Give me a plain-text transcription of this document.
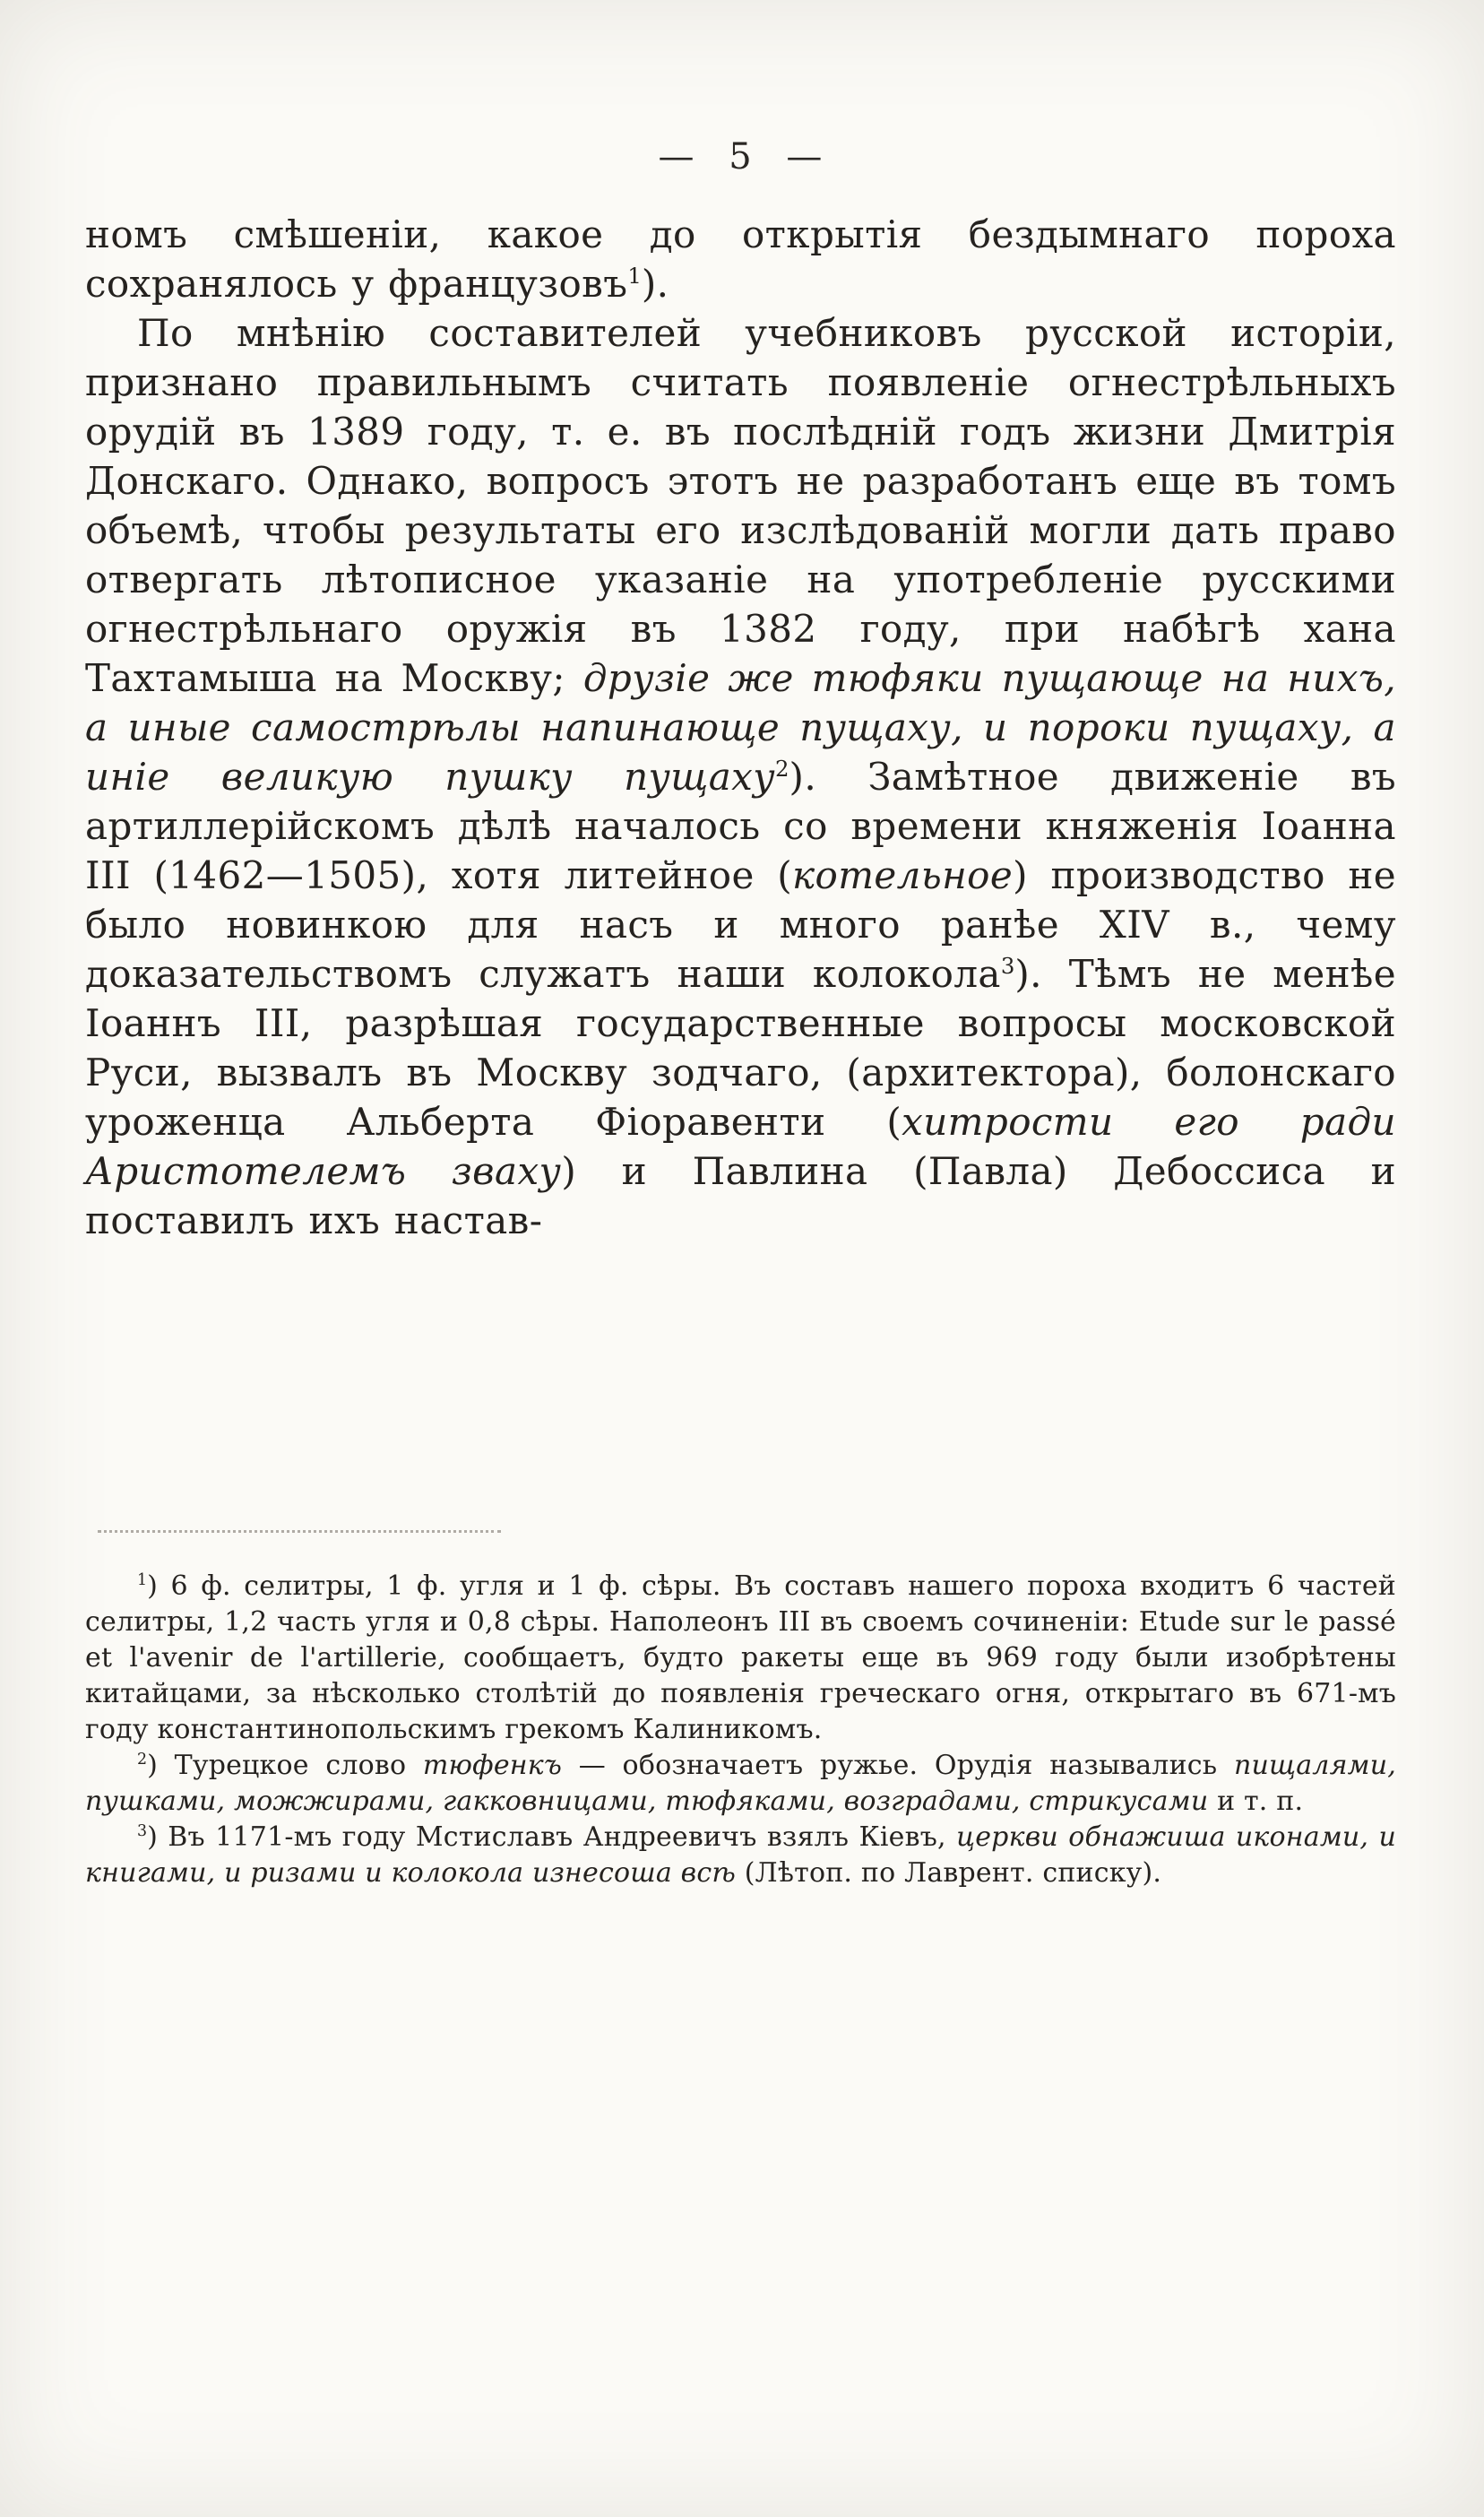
— 5 —

номъ смѣшеніи, какое до открытія бездымнаго пороха сохранялось у французовъ$^1$).

По мнѣнію составителей учебниковъ русской исторіи, признано правильнымъ считать появленіе огнестрѣльныхъ орудій въ 1389 году, т. е. въ послѣдній годъ жизни Дмитрія Донскаго. Однако, вопросъ этотъ не разработанъ еще въ томъ объемѣ, чтобы результаты его изслѣдованій могли дать право отвергать лѣтописное указаніе на употребленіе русскими огнестрѣльнаго оружія въ 1382 году, при набѣгѣ хана Тахтамыша на Москву; друзіе же тюфяки пущающе на нихъ, а иные самострѣлы напинающе пущаху, и пороки пущаху, а иніе великую пушку пущаху$^2$). Замѣтное движеніе въ артиллерійскомъ дѣлѣ началось со времени княженія Іоанна III (1462—1505), хотя литейное (котельное) производство не было новинкою для насъ и много ранѣе XIV в., чему доказательствомъ служатъ наши колокола$^3$). Тѣмъ не менѣе Іоаннъ III, разрѣшая государственные вопросы московской Руси, вызвалъ въ Москву зодчаго, (архитектора), болонскаго уроженца Альберта Фіоравенти (хитрости его ради Аристотелемъ зваху) и Павлина (Павла) Дебоссиса и поставилъ ихъ настав-

$^1$) 6 ф. селитры, 1 ф. угля и 1 ф. сѣры. Въ составъ нашего пороха входитъ 6 частей селитры, 1,2 часть угля и 0,8 сѣры. Наполеонъ III въ своемъ сочиненіи: Etude sur le passé et l'avenir de l'artillerie, сообщаетъ, будто ракеты еще въ 969 году были изобрѣтены китайцами, за нѣсколько столѣтій до появленія греческаго огня, открытаго въ 671-мъ году константинопольскимъ грекомъ Калиникомъ.

$^2$) Турецкое слово тюфенкъ — обозначаетъ ружье. Орудія назывались пищалями, пушками, можжирами, гакковницами, тюфяками, возградами, стрикусами и т. п.

$^3$) Въ 1171-мъ году Мстиславъ Андреевичъ взялъ Кіевъ, церкви обнажиша иконами, и книгами, и ризами и колокола изнесоша всѣ (Лѣтоп. по Лаврент. списку).
